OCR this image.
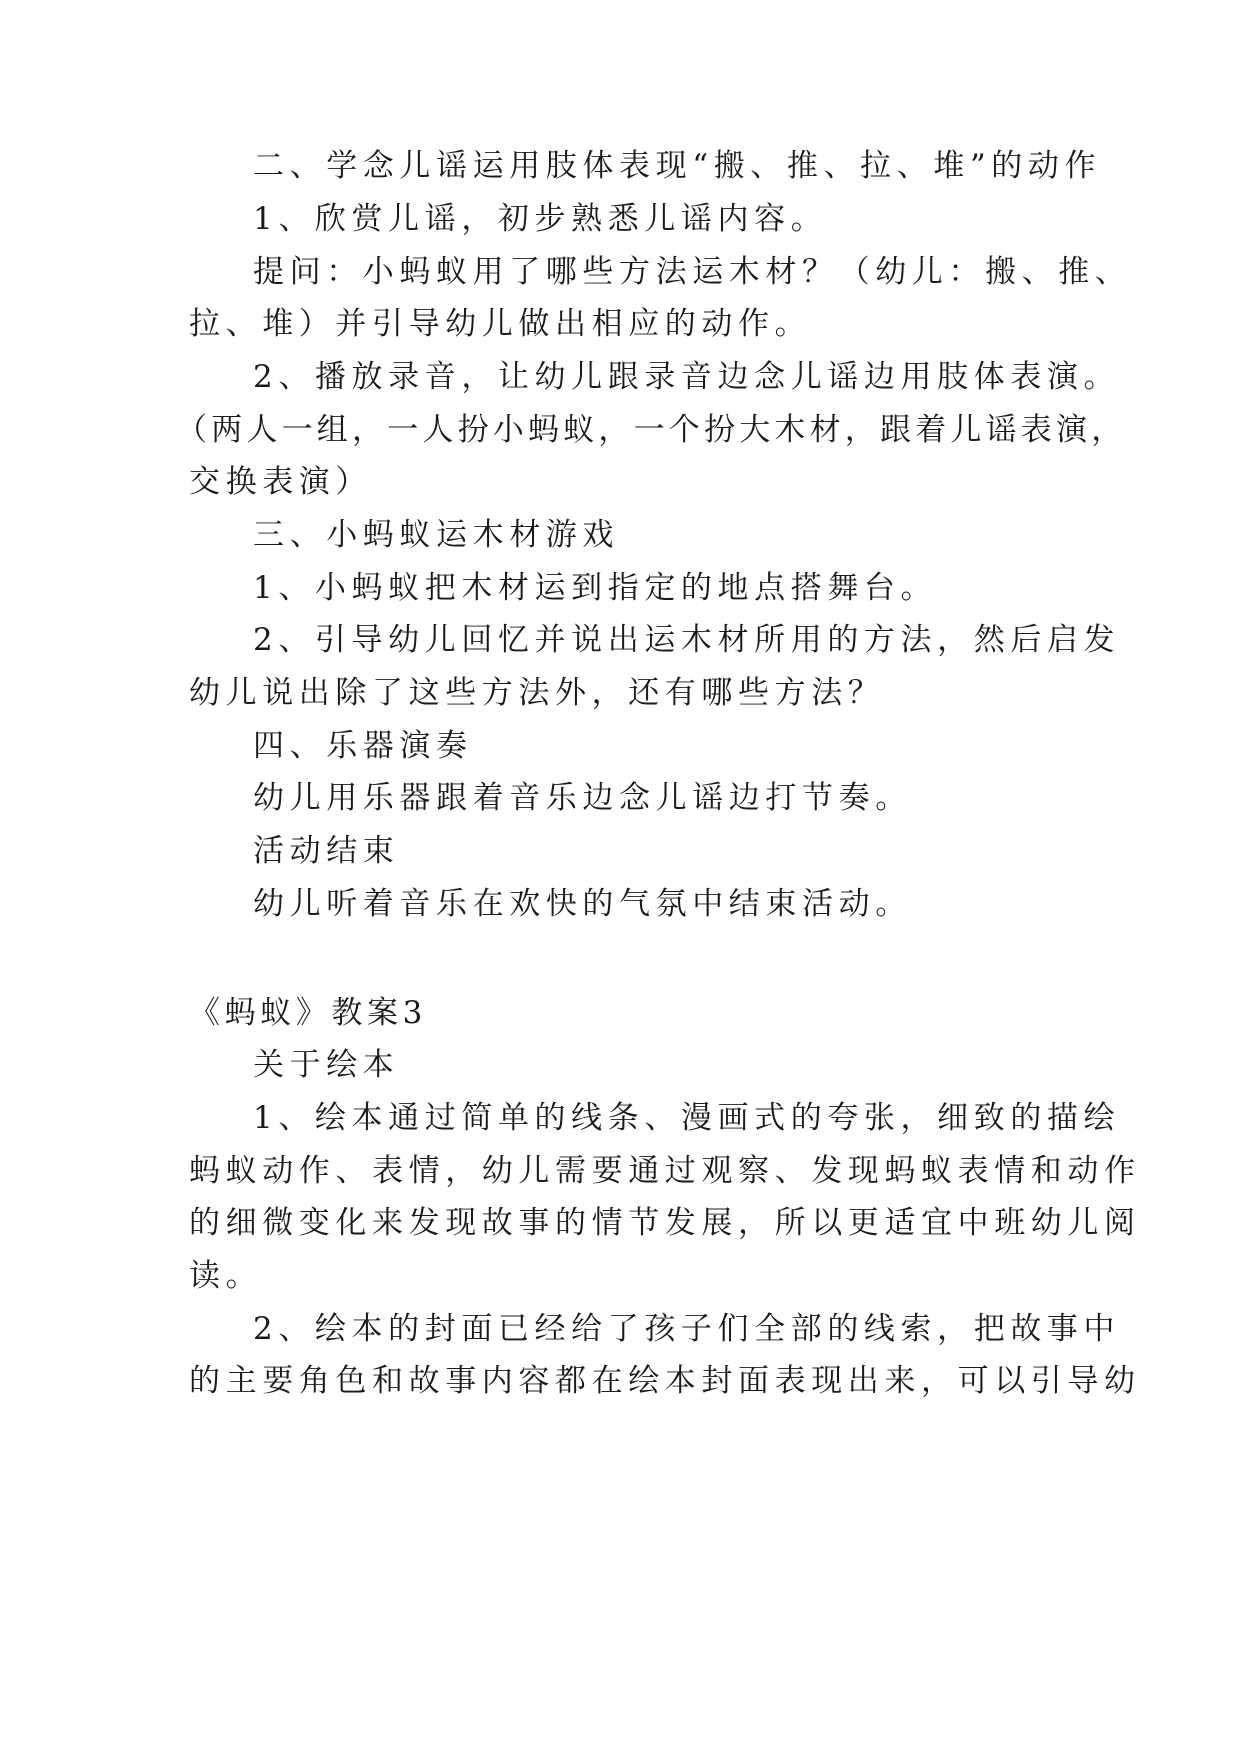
二、学念儿谣运用肢体表现“搬、推、拉、堆”的动作
1、欣赏儿谣，初步熟悉儿谣内容。
提问：小蚂蚁用了哪些方法运木材？（幼儿：搬、推、
拉、堆）并引导幼儿做出相应的动作。
2、播放录音，让幼儿跟录音边念儿谣边用肢体表演。
（两人一组，一人扮小蚂蚁，一个扮大木材，跟着儿谣表演，
交换表演）
三、小蚂蚁运木材游戏
1、小蚂蚁把木材运到指定的地点搭舞台。
2、引导幼儿回忆并说出运木材所用的方法，然后启发
幼儿说出除了这些方法外，还有哪些方法？
四、乐器演奏
幼儿用乐器跟着音乐边念儿谣边打节奏。
活动结束
幼儿听着音乐在欢快的气氛中结束活动。
《蚂蚁》教案3
关于绘本
1、绘本通过简单的线条、漫画式的夸张，细致的描绘
蚂蚁动作、表情，幼儿需要通过观察、发现蚂蚁表情和动作
的细微变化来发现故事的情节发展，所以更适宜中班幼儿阅
读。
2、绘本的封面已经给了孩子们全部的线索，把故事中
的主要角色和故事内容都在绘本封面表现出来，可以引导幼
